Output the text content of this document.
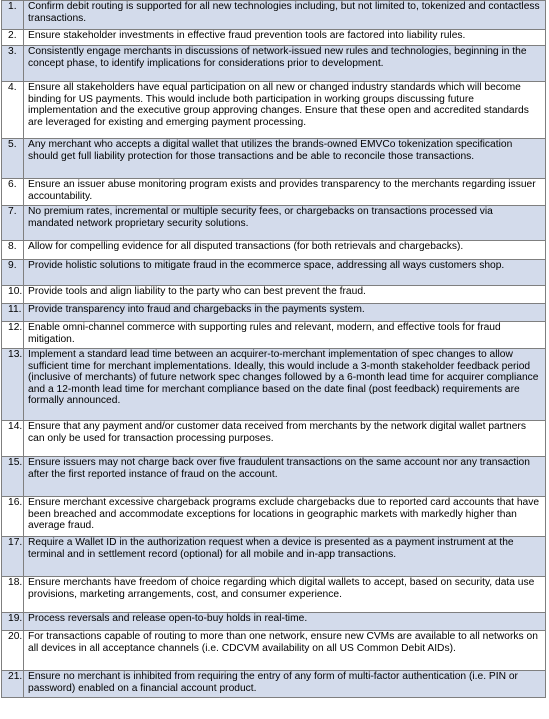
1.	Confirm debit routing is supported for all new technologies including, but not limited to, tokenized and contactless transactions.
2.	Ensure stakeholder investments in effective fraud prevention tools are factored into liability rules.
3.	Consistently engage merchants in discussions of network-issued new rules and technologies, beginning in the concept phase, to identify implications for considerations prior to development.
4.	Ensure all stakeholders have equal participation on all new or changed industry standards which will become binding for US payments. This would include both participation in working groups discussing future implementation and the executive group approving changes. Ensure that these open and accredited standards are leveraged for existing and emerging payment processing.
5.	Any merchant who accepts a digital wallet that utilizes the brands-owned EMVCo tokenization specification should get full liability protection for those transactions and be able to reconcile those transactions.
6.	Ensure an issuer abuse monitoring program exists and provides transparency to the merchants regarding issuer accountability.
7.	No premium rates, incremental or multiple security fees, or chargebacks on transactions processed via mandated network proprietary security solutions.
8.	Allow for compelling evidence for all disputed transactions (for both retrievals and chargebacks).
9.	Provide holistic solutions to mitigate fraud in the ecommerce space, addressing all ways customers shop.
10.	Provide tools and align liability to the party who can best prevent the fraud.
11.	Provide transparency into fraud and chargebacks in the payments system.
12.	Enable omni-channel commerce with supporting rules and relevant, modern, and effective tools for fraud mitigation.
13.	Implement a standard lead time between an acquirer-to-merchant implementation of spec changes to allow sufficient time for merchant implementations. Ideally, this would include a 3-month stakeholder feedback period (inclusive of merchants) of future network spec changes followed by a 6-month lead time for acquirer compliance and a 12-month lead time for merchant compliance based on the date final (post feedback) requirements are formally announced.
14.	Ensure that any payment and/or customer data received from merchants by the network digital wallet partners can only be used for transaction processing purposes.
15.	Ensure issuers may not charge back over five fraudulent transactions on the same account nor any transaction after the first reported instance of fraud on the account.
16.	Ensure merchant excessive chargeback programs exclude chargebacks due to reported card accounts that have been breached and accommodate exceptions for locations in geographic markets with markedly higher than average fraud.
17.	Require a Wallet ID in the authorization request when a device is presented as a payment instrument at the terminal and in settlement record (optional) for all mobile and in-app transactions.
18.	Ensure merchants have freedom of choice regarding which digital wallets to accept, based on security, data use provisions, marketing arrangements, cost, and consumer experience.
19.	Process reversals and release open-to-buy holds in real-time.
20.	For transactions capable of routing to more than one network, ensure new CVMs are available to all networks on all devices in all acceptance channels (i.e. CDCVM availability on all US Common Debit AIDs).
21.	Ensure no merchant is inhibited from requiring the entry of any form of multi-factor authentication (i.e. PIN or password) enabled on a financial account product.
